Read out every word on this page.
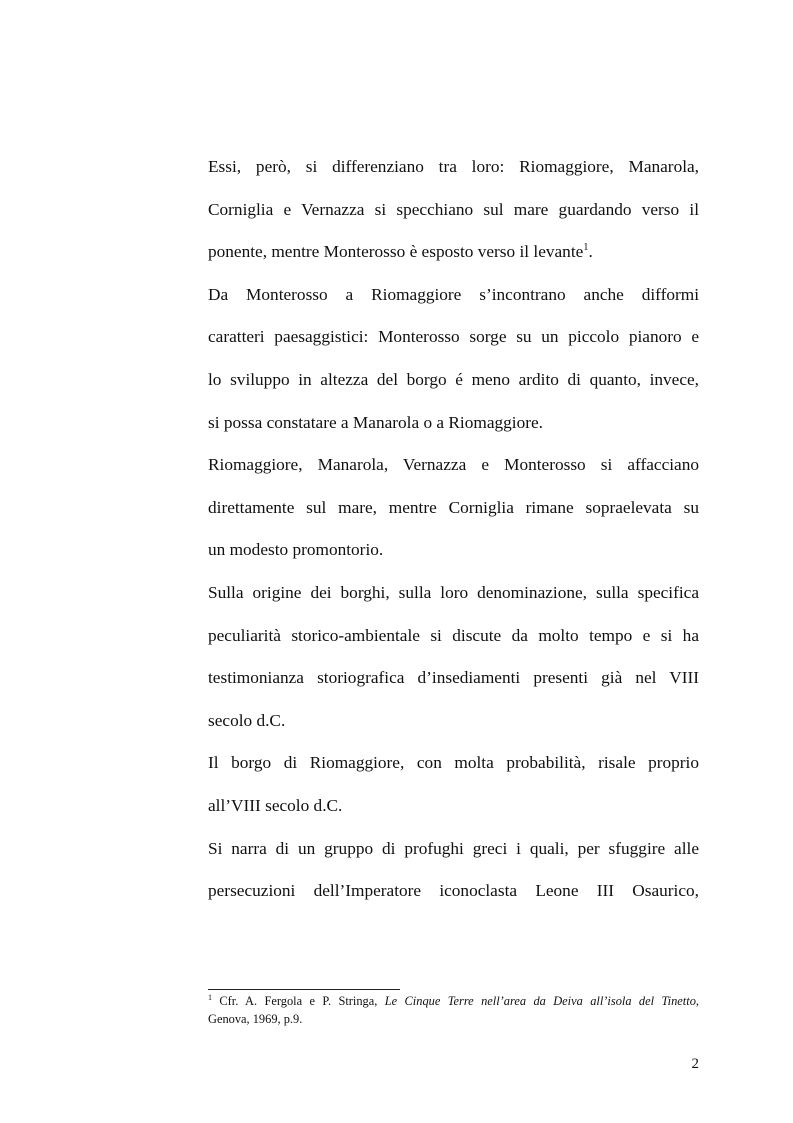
Essi, però, si differenziano tra loro: Riomaggiore, Manarola,
Corniglia e Vernazza si specchiano sul mare guardando verso il
ponente, mentre Monterosso è esposto verso il levante$^1$.
Da Monterosso a Riomaggiore s’incontrano anche difformi
caratteri paesaggistici: Monterosso sorge su un piccolo pianoro e
lo sviluppo in altezza del borgo é meno ardito di quanto, invece,
si possa constatare a Manarola o a Riomaggiore.
Riomaggiore, Manarola, Vernazza e Monterosso si affacciano
direttamente sul mare, mentre Corniglia rimane sopraelevata su
un modesto promontorio.
Sulla origine dei borghi, sulla loro denominazione, sulla specifica
peculiarità storico-ambientale si discute da molto tempo e si ha
testimonianza storiografica d’insediamenti presenti già nel VIII
secolo d.C.
Il borgo di Riomaggiore, con molta probabilità, risale proprio
all’VIII secolo d.C.
Si narra di un gruppo di profughi greci i quali, per sfuggire alle
persecuzioni dell’Imperatore iconoclasta Leone III Osaurico,
$^1$ Cfr. A. Fergola e P. Stringa, Le Cinque Terre nell’area da Deiva all’isola del Tinetto,
Genova, 1969, p.9.
2
